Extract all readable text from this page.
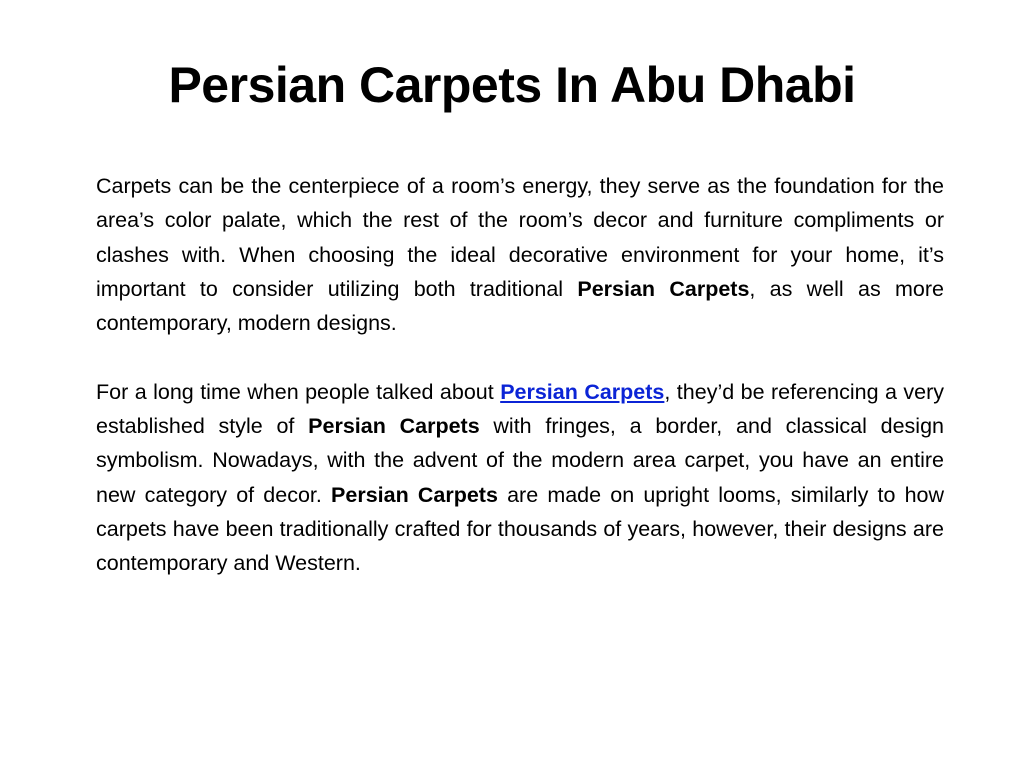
Persian Carpets In Abu Dhabi

Carpets can be the centerpiece of a room’s energy, they serve as the foundation for the area’s color palate, which the rest of the room’s decor and furniture compliments or clashes with. When choosing the ideal decorative environment for your home, it’s important to consider utilizing both traditional Persian Carpets, as well as more contemporary, modern designs.

For a long time when people talked about Persian Carpets, they’d be referencing a very established style of Persian Carpets with fringes, a border, and classical design symbolism. Nowadays, with the advent of the modern area carpet, you have an entire new category of decor. Persian Carpets are made on upright looms, similarly to how carpets have been traditionally crafted for thousands of years, however, their designs are contemporary and Western.
